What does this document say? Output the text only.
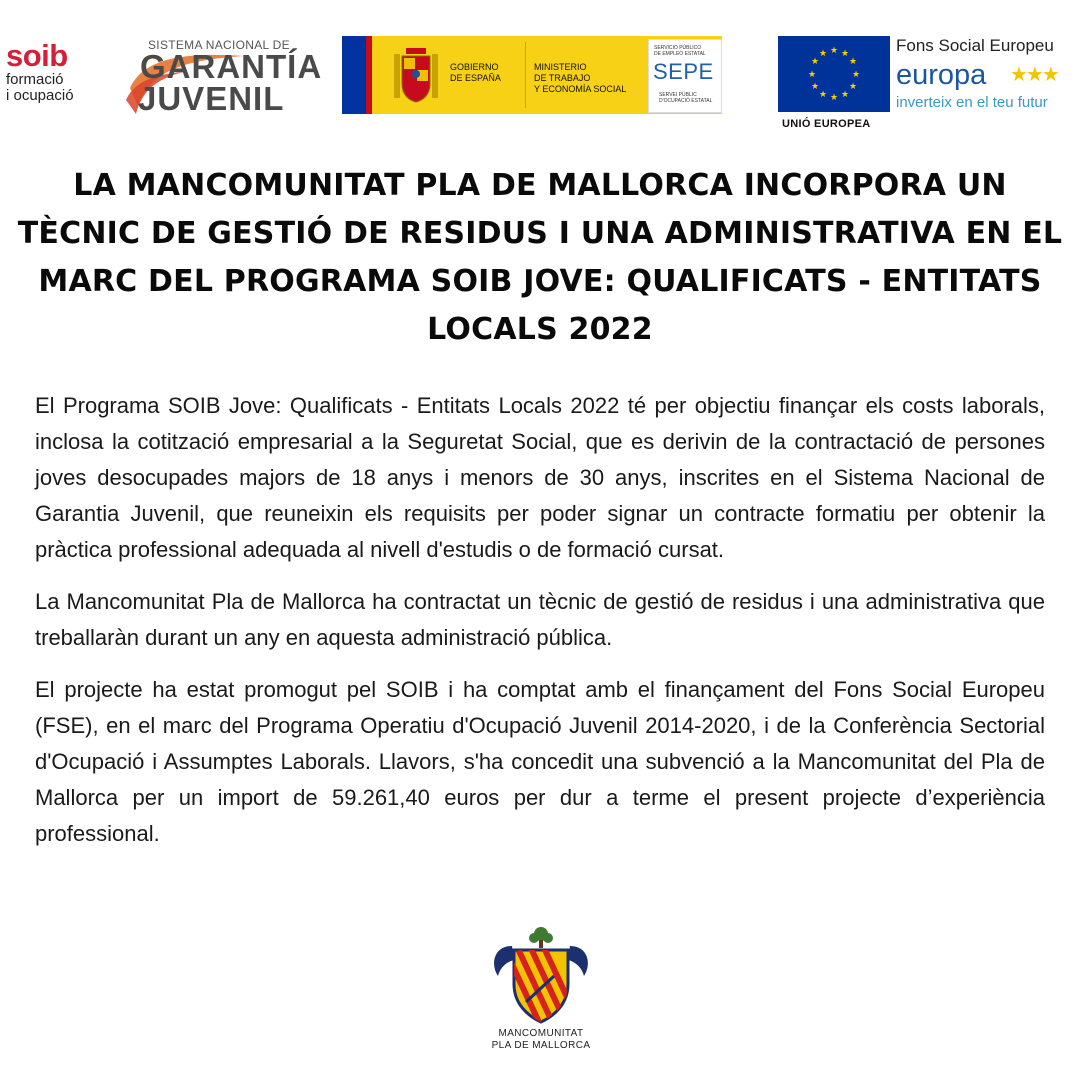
soib
formació
i ocupació
SISTEMA NACIONAL DE
GARANTÍA
JUVENIL
GOBIERNO
DE ESPAÑA
MINISTERIO
DE TRABAJO
Y ECONOMÍA SOCIAL
SERVICIO PÚBLICO
DE EMPLEO ESTATAL
SEPE
SERVEI PÚBLIC
D'OCUPACIÓ ESTATAL
★ ★
★
★
★
★
★
★
★
★
★
★
UNIÓ EUROPEA
Fons Social Europeu
europa ★★★
inverteix en el teu futur
LA MANCOMUNITAT PLA DE MALLORCA INCORPORA UN TÈCNIC DE GESTIÓ DE RESIDUS I UNA ADMINISTRATIVA EN EL MARC DEL PROGRAMA SOIB JOVE: QUALIFICATS - ENTITATS LOCALS 2022

El Programa SOIB Jove: Qualificats - Entitats Locals 2022 té per objectiu finançar els costs laborals, inclosa la cotització empresarial a la Seguretat Social, que es derivin de la contractació de persones joves desocupades majors de 18 anys i menors de 30 anys, inscrites en el Sistema Nacional de Garantia Juvenil, que reuneixin els requisits per poder signar un contracte formatiu per obtenir la pràctica professional adequada al nivell d'estudis o de formació cursat.

La Mancomunitat Pla de Mallorca ha contractat un tècnic de gestió de residus i una administrativa que treballaràn durant un any en aquesta administració pública.

El projecte ha estat promogut pel SOIB i ha comptat amb el finançament del Fons Social Europeu (FSE), en el marc del Programa Operatiu d'Ocupació Juvenil 2014-2020, i de la Conferència Sectorial d'Ocupació i Assumptes Laborals. Llavors, s'ha concedit una subvenció a la Mancomunitat del Pla de Mallorca per un import de 59.261,40 euros per dur a terme el present projecte d’experiència professional.

MANCOMUNITAT
PLA DE MALLORCA
